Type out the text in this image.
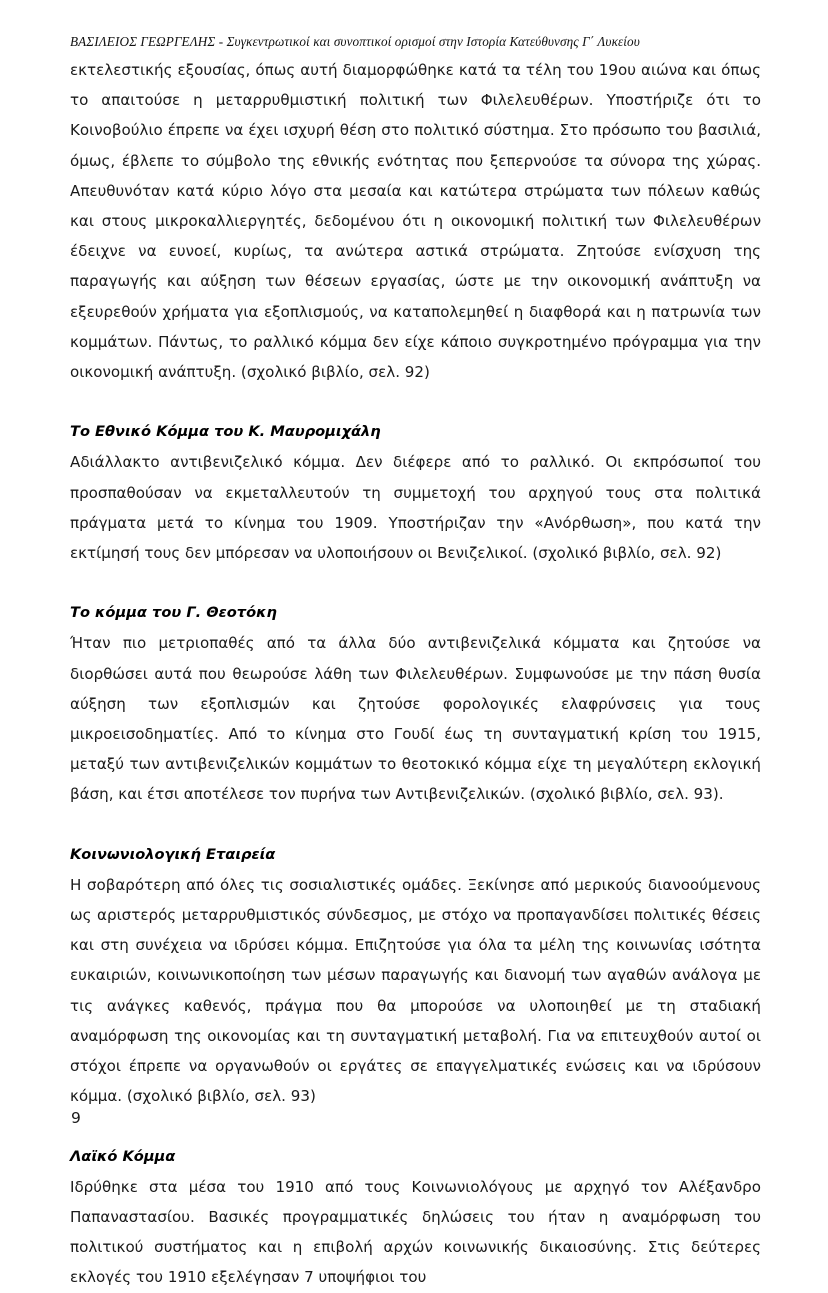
ΒΑΣΙΛΕΙΟΣ ΓΕΩΡΓΕΛΗΣ - Συγκεντρωτικοί και συνοπτικοί ορισμοί στην Ιστορία Κατεύθυνσης Γ΄ Λυκείου

εκτελεστικής εξουσίας, όπως αυτή διαμορφώθηκε κατά τα τέλη του 19ου αιώνα και όπως το απαιτούσε η μεταρρυθμιστική πολιτική των Φιλελευθέρων. Υποστήριζε ότι το Κοινοβούλιο έπρεπε να έχει ισχυρή θέση στο πολιτικό σύστημα. Στο πρόσωπο του βασιλιά, όμως, έβλεπε το σύμβολο της εθνικής ενότητας που ξεπερνούσε τα σύνορα της χώρας. Απευθυνόταν κατά κύριο λόγο στα μεσαία και κατώτερα στρώματα των πόλεων καθώς και στους μικροκαλλιεργητές, δεδομένου ότι η οικονομική πολιτική των Φιλελευθέρων έδειχνε να ευνοεί, κυρίως, τα ανώτερα αστικά στρώματα. Ζητούσε ενίσχυση της παραγωγής και αύξηση των θέσεων εργασίας, ώστε με την οικονομική ανάπτυξη να εξευρεθούν χρήματα για εξοπλισμούς, να καταπολεμηθεί η διαφθορά και η πατρωνία των κομμάτων. Πάντως, το ραλλικό κόμμα δεν είχε κάποιο συγκροτημένο πρόγραμμα για την οικονομική ανάπτυξη. (σχολικό βιβλίο, σελ. 92)

Το Εθνικό Κόμμα του Κ. Μαυρομιχάλη

Αδιάλλακτο αντιβενιζελικό κόμμα. Δεν διέφερε από το ραλλικό. Οι εκπρόσωποί του προσπαθούσαν να εκμεταλλευτούν τη συμμετοχή του αρχηγού τους στα πολιτικά πράγματα μετά το κίνημα του 1909. Υποστήριζαν την «Ανόρθωση», που κατά την εκτίμησή τους δεν μπόρεσαν να υλοποιήσουν οι Βενιζελικοί. (σχολικό βιβλίο, σελ. 92)

Το κόμμα του Γ. Θεοτόκη

Ήταν πιο μετριοπαθές από τα άλλα δύο αντιβενιζελικά κόμματα και ζητούσε να διορθώσει αυτά που θεωρούσε λάθη των Φιλελευθέρων. Συμφωνούσε με την πάση θυσία αύξηση των εξοπλισμών και ζητούσε φορολογικές ελαφρύνσεις για τους μικροεισοδηματίες. Από το κίνημα στο Γουδί έως τη συνταγματική κρίση του 1915, μεταξύ των αντιβενιζελικών κομμάτων το θεοτοκικό κόμμα είχε τη μεγαλύτερη εκλογική βάση, και έτσι αποτέλεσε τον πυρήνα των Αντιβενιζελικών. (σχολικό βιβλίο, σελ. 93).

Κοινωνιολογική Εταιρεία

Η σοβαρότερη από όλες τις σοσιαλιστικές ομάδες. Ξεκίνησε από μερικούς διανοούμενους ως αριστερός μεταρρυθμιστικός σύνδεσμος, με στόχο να προπαγανδίσει πολιτικές θέσεις και στη συνέχεια να ιδρύσει κόμμα. Επιζητούσε για όλα τα μέλη της κοινωνίας ισότητα ευκαιριών, κοινωνικοποίηση των μέσων παραγωγής και διανομή των αγαθών ανάλογα με τις ανάγκες καθενός, πράγμα που θα μπορούσε να υλοποιηθεί με τη σταδιακή αναμόρφωση της οικονομίας και τη συνταγματική μεταβολή. Για να επιτευχθούν αυτοί οι στόχοι έπρεπε να οργανωθούν οι εργάτες σε επαγγελματικές ενώσεις και να ιδρύσουν κόμμα. (σχολικό βιβλίο, σελ. 93)

Λαϊκό Κόμμα

Ιδρύθηκε στα μέσα του 1910 από τους Κοινωνιολόγους με αρχηγό τον Αλέξανδρο Παπαναστασίου. Βασικές προγραμματικές δηλώσεις του ήταν η αναμόρφωση του πολιτικού συστήματος και η επιβολή αρχών κοινωνικής δικαιοσύνης. Στις δεύτερες εκλογές του 1910 εξελέγησαν 7 υποψήφιοι του

9
